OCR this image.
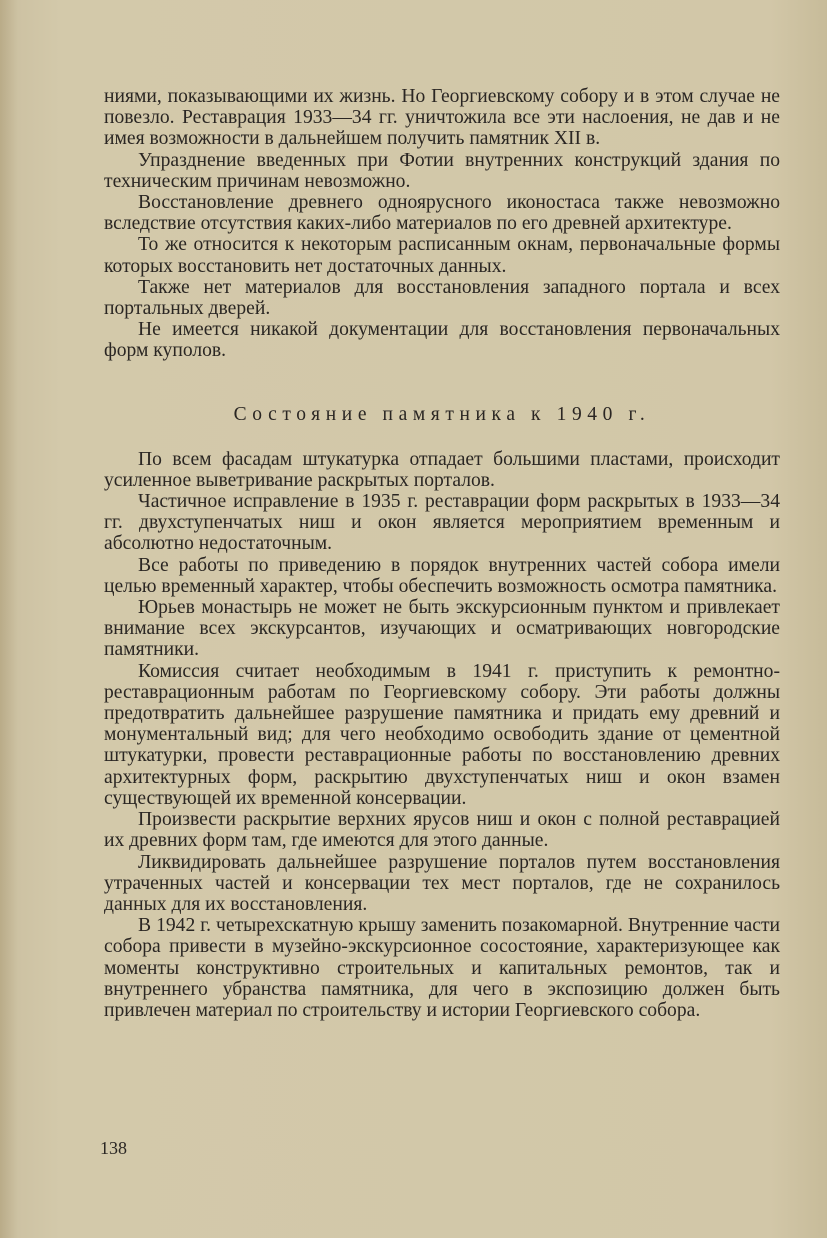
ниями, показывающими их жизнь. Но Георгиевскому собору и в этом случае не повезло. Реставрация 1933—34 гг. уничтожила все эти наслоения, не дав и не имея возможности в дальнейшем получить памятник XII в.

Упразднение введенных при Фотии внутренних конструкций здания по техническим причинам невозможно.

Восстановление древнего одноярусного иконостаса также невозможно вследствие отсутствия каких-либо материалов по его древней архитектуре.

То же относится к некоторым расписанным окнам, первоначальные формы которых восстановить нет достаточных данных.

Также нет материалов для восстановления западного портала и всех портальных дверей.

Не имеется никакой документации для восстановления первоначальных форм куполов.

Состояние памятника к 1940 г.

По всем фасадам штукатурка отпадает большими пластами, происходит усиленное выветривание раскрытых порталов.

Частичное исправление в 1935 г. реставрации форм раскрытых в 1933—34 гг. двухступенчатых ниш и окон является мероприятием временным и абсолютно недостаточным.

Все работы по приведению в порядок внутренних частей собора имели целью временный характер, чтобы обеспечить возможность осмотра памятника.

Юрьев монастырь не может не быть экскурсионным пунктом и привлекает внимание всех экскурсантов, изучающих и осматривающих новгородские памятники.

Комиссия считает необходимым в 1941 г. приступить к ремонтно-реставрационным работам по Георгиевскому собору. Эти работы должны предотвратить дальнейшее разрушение памятника и придать ему древний и монументальный вид; для чего необходимо освободить здание от цементной штукатурки, провести реставрационные работы по восстановлению древних архитектурных форм, раскрытию двухступенчатых ниш и окон взамен существующей их временной консервации.

Произвести раскрытие верхних ярусов ниш и окон с полной реставрацией их древних форм там, где имеются для этого данные.

Ликвидировать дальнейшее разрушение порталов путем восстановления утраченных частей и консервации тех мест порталов, где не сохранилось данных для их восстановления.

В 1942 г. четырехскатную крышу заменить позакомарной. Внутренние части собора привести в музейно-экскурсионное сосостояние, характеризующее как моменты конструктивно строительных и капитальных ремонтов, так и внутреннего убранства памятника, для чего в экспозицию должен быть привлечен материал по строительству и истории Георгиевского собора.

138
